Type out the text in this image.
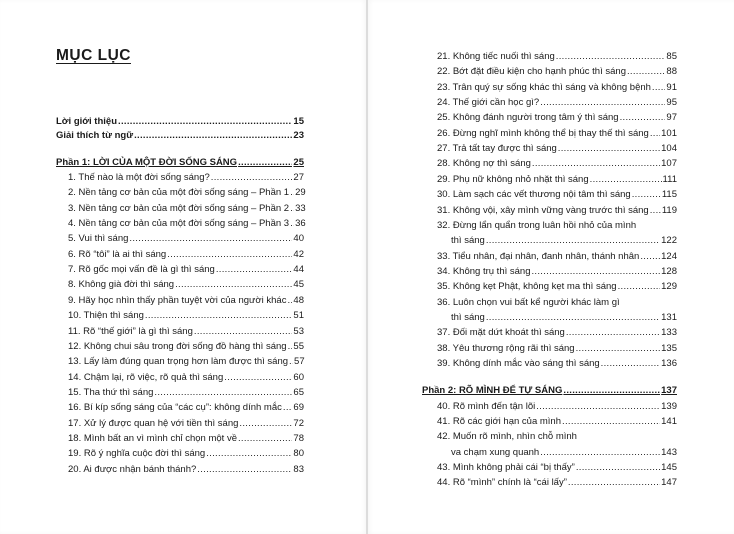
MỤC LỤC
Lời giới thiệu .....	15
Giải thích từ ngữ .....	23
Phần 1: LỜI CỦA MỘT ĐỜI SỐNG SÁNG .....	25
1. Thế nào là một đời sống sáng? .....	27
2. Nền tảng cơ bản của một đời sống sáng – Phần 1 ..... 29
3. Nền tảng cơ bản của một đời sống sáng – Phần 2 ..... 33
4. Nền tảng cơ bản của một đời sống sáng – Phần 3 ..... 36
5. Vui thì sáng .....	40
6. Rõ “tôi” là ai thì sáng .....	42
7. Rõ gốc mọi vấn đề là gì thì sáng .....	44
8. Không già đời thì sáng .....	45
9. Hãy học nhìn thấy phần tuyệt vời của người khác ..... 48
10. Thiện thì sáng .....	51
11. Rõ “thế giới” là gì thì sáng .....	53
12. Không chui sâu trong đời sống đồ hàng thì sáng ..... 55
13. Lấy làm đúng quan trọng hơn làm được thì sáng ..... 57
14. Chậm lại, rõ việc, rõ quả thì sáng .....	60
15. Tha thứ thì sáng .....	65
16. Bí kíp sống sáng của “các cụ”: không dính mắc ..... 69
17. Xử lý được quan hệ với tiền thì sáng .....	72
18. Mình bất an vì mình chỉ chọn một về .....	78
19. Rõ ý nghĩa cuộc đời thì sáng .....	80
20. Ai được nhận bánh thánh? .....	83
21. Không tiếc nuối thì sáng .....	85
22. Bớt đặt điều kiện cho hạnh phúc thì sáng .....	88
23. Trân quý sự sống khác thì sáng và không bệnh ..... 91
24. Thế giới cần học gì? .....	95
25. Không đánh người trong tâm ý thì sáng .....	97
26. Đừng nghĩ mình không thể bị thay thế thì sáng ..... 101
27. Trả tất tay được thì sáng .....	104
28. Không nợ thì sáng .....	107
29. Phụ nữ không nhỏ nhặt thì sáng .....	111
30. Làm sạch các vết thương nội tâm thì sáng .....	115
31. Không vội, xây mình vững vàng trước thì sáng ..... 119
32. Đừng lẩn quẩn trong luân hồi nhỏ của mình
thì sáng .....	122
33. Tiểu nhân, đại nhân, đanh nhân, thánh nhân ..... 124
34. Không trụ thì sáng .....	128
35. Không kẹt Phật, không kẹt ma thì sáng .....	129
36. Luôn chọn vui bất kể người khác làm gì
thì sáng .....	131
37. Đối mặt dứt khoát thì sáng .....	133
38. Yêu thương rộng rãi thì sáng .....	135
39. Không dính mắc vào sáng thì sáng .....	136
Phần 2: RÕ MÌNH ĐỂ TỰ SÁNG .....	137
40. Rõ mình đến tận lõi .....	139
41. Rõ các giới hạn của mình .....	141
42. Muốn rõ mình, nhìn chỗ mình
va chạm xung quanh .....	143
43. Mình không phải cái “bị thấy” .....	145
44. Rõ “mình” chính là “cái lấy” .....	147
